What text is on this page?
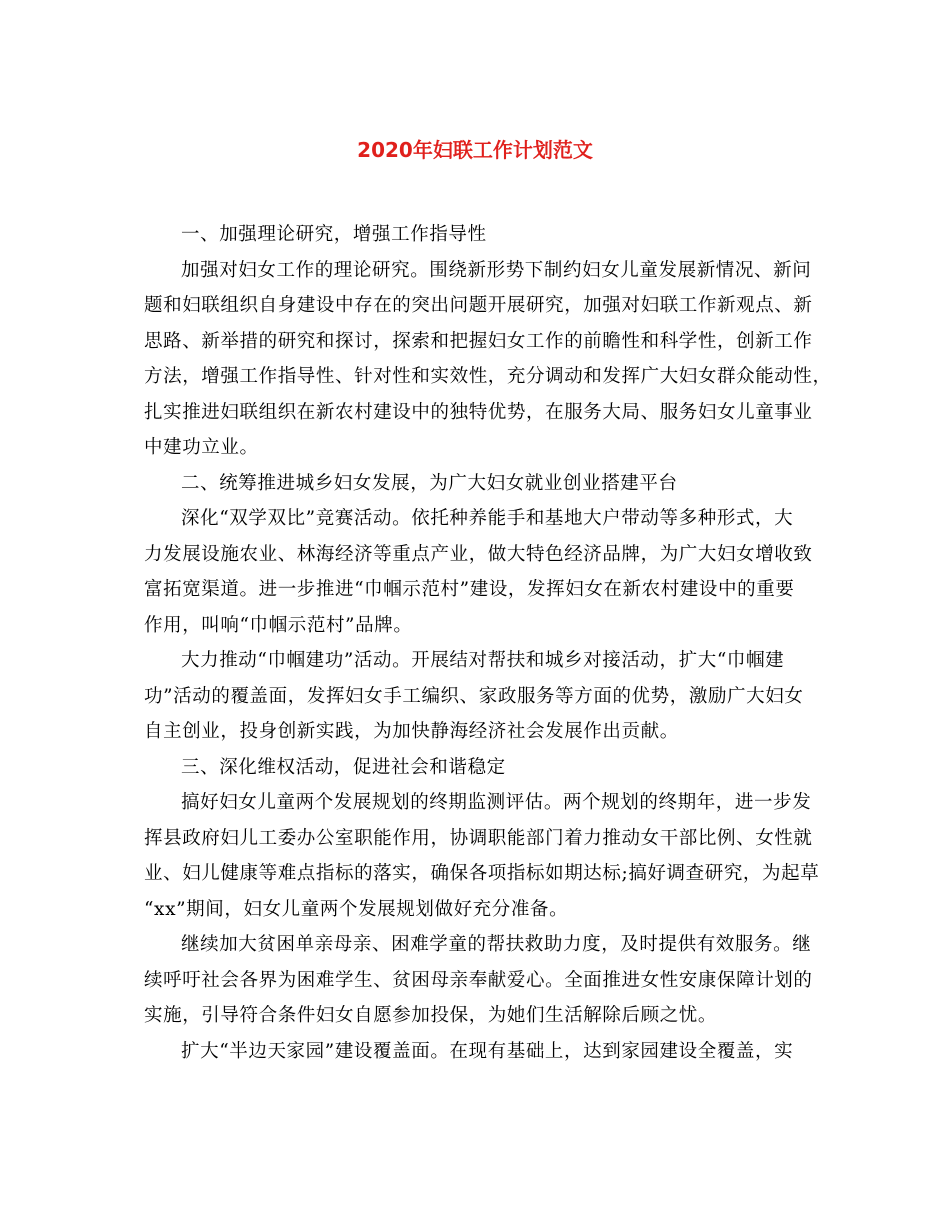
2020年妇联工作计划范文
一、加强理论研究，增强工作指导性
加强对妇女工作的理论研究。围绕新形势下制约妇女儿童发展新情况、新问
题和妇联组织自身建设中存在的突出问题开展研究，加强对妇联工作新观点、新
思路、新举措的研究和探讨，探索和把握妇女工作的前瞻性和科学性，创新工作
方法，增强工作指导性、针对性和实效性，充分调动和发挥广大妇女群众能动性，
扎实推进妇联组织在新农村建设中的独特优势，在服务大局、服务妇女儿童事业
中建功立业。
二、统筹推进城乡妇女发展，为广大妇女就业创业搭建平台
深化“双学双比”竞赛活动。依托种养能手和基地大户带动等多种形式，大
力发展设施农业、林海经济等重点产业，做大特色经济品牌，为广大妇女增收致
富拓宽渠道。进一步推进“巾帼示范村”建设，发挥妇女在新农村建设中的重要
作用，叫响“巾帼示范村”品牌。
大力推动“巾帼建功”活动。开展结对帮扶和城乡对接活动，扩大“巾帼建
功”活动的覆盖面，发挥妇女手工编织、家政服务等方面的优势，激励广大妇女
自主创业，投身创新实践，为加快静海经济社会发展作出贡献。
三、深化维权活动，促进社会和谐稳定
搞好妇女儿童两个发展规划的终期监测评估。两个规划的终期年，进一步发
挥县政府妇儿工委办公室职能作用，协调职能部门着力推动女干部比例、女性就
业、妇儿健康等难点指标的落实，确保各项指标如期达标;搞好调查研究，为起草
“xx”期间，妇女儿童两个发展规划做好充分准备。
继续加大贫困单亲母亲、困难学童的帮扶救助力度，及时提供有效服务。继
续呼吁社会各界为困难学生、贫困母亲奉献爱心。全面推进女性安康保障计划的
实施，引导符合条件妇女自愿参加投保，为她们生活解除后顾之忧。
扩大“半边天家园”建设覆盖面。在现有基础上，达到家园建设全覆盖，实
